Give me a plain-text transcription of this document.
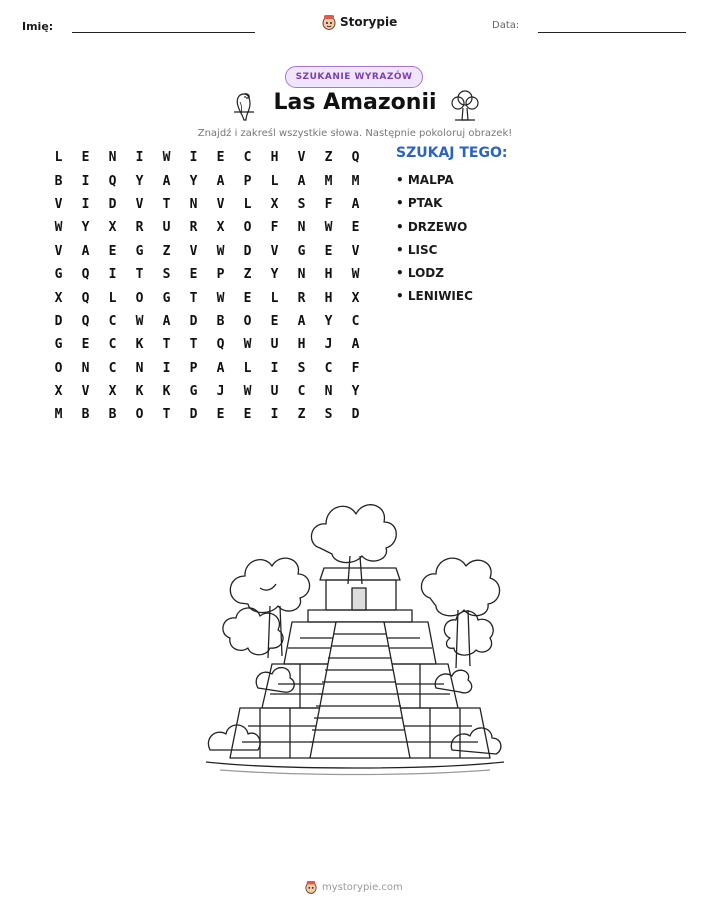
Imię:	Storypie	Data:
SZUKANIE WYRAZÓW
Las Amazonii
Znajdź i zakreśl wszystkie słowa. Następnie pokoloruj obrazek!
L	E	N	I	W	I	E	C	H	V	Z	Q
B	I	Q	Y	A	Y	A	P	L	A	M	M
V	I	D	V	T	N	V	L	X	S	F	A
W	Y	X	R	U	R	X	O	F	N	W	E
V	A	E	G	Z	V	W	D	V	G	E	V
G	Q	I	T	S	E	P	Z	Y	N	H	W
X	Q	L	O	G	T	W	E	L	R	H	X
D	Q	C	W	A	D	B	O	E	A	Y	C
G	E	C	K	T	T	Q	W	U	H	J	A
O	N	C	N	I	P	A	L	I	S	C	F
X	V	X	K	K	G	J	W	U	C	N	Y
M	B	B	O	T	D	E	E	I	Z	S	D
SZUKAJ TEGO:
• MALPA
• PTAK
• DRZEWO
• LISC
• LODZ
• LENIWIEC
mystorypie.com
